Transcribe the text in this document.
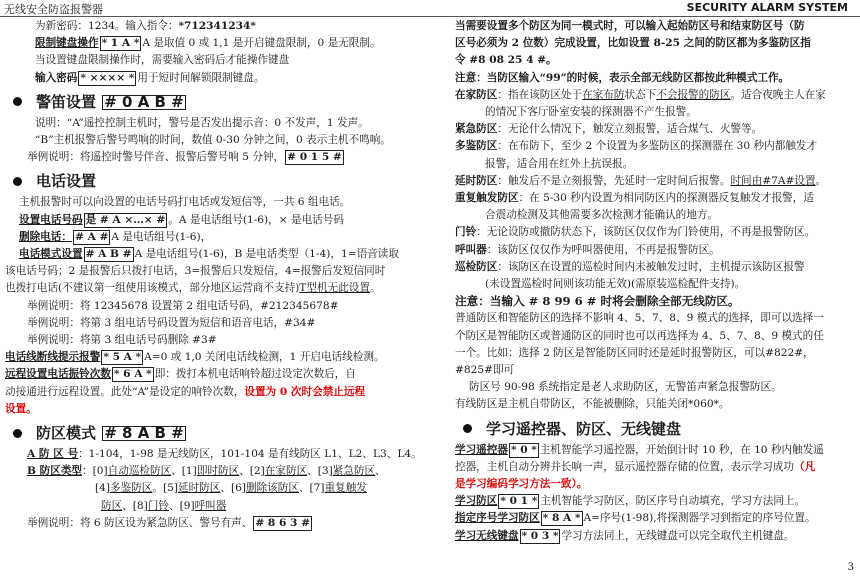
无线安全防盗报警器	SECURITY ALARM SYSTEM
为新密码：1234。输入指令：*712341234*
限制键盘操作 * 1 A * A 是取值 0 或 1,1 是开启键盘限制，0 是无限制。
当设置键盘限制操作时，需要输入密码后才能操作键盘
输入密码 * ×××× * 用于短时间解锁限制键盘。
警笛设置 # 0 A B #
说明：“A”遥控控制主机时，警号是否发出提示音：0 不发声，1 发声。
“B”主机报警后警号鸣响的时间，数值 0-30 分钟之间，0 表示主机不鸣响。
举例说明：将遥控时警号伴音、报警后警号响 5 分钟， # 0 1 5 #
电话设置
主机报警时可以向设置的电话号码打电话或发短信等，一共 6 组电话。
设置电话号码 是 # A ×…× # 。A 是电话组号(1-6)，× 是电话号码
删除电话： # A # A 是电话组号(1-6)，
电话模式设置 # A B # A 是电话组号(1-6)，B 是电话类型（1-4)，1=语音读取
该电话号码；2 是报警后只拨打电话，3=报警后只发短信，4=报警后发短信同时
也拨打电话(不建议第一组使用该模式，部分地区运营商不支持)T型机无此设置。
举例说明：将 12345678 设置第 2 组电话号码，#212345678#
举例说明：将第 3 组电话号码设置为短信和语音电话，#34#
举例说明：将第 3 组电话号码删除 #3#
电话线断线提示报警 * 5 A * A=0 或 1,0 关闭电话线检测，1 开启电话线检测。
远程设置电话振铃次数 * 6 A * 即：拨打本机电话响铃超过设定次数后，自
动接通进行远程设置。此处“A”是设定的响铃次数，设置为 0 次时会禁止远程
设置。
防区模式 # 8 A B #
A 防 区 号：1-104，1-98 是无线防区，101-104 是有线防区 L1、L2、L3、L4。
B 防区类型：[0]自动巡检防区、[1]即时防区、[2]在家防区、[3]紧急防区、
[4]多鉴防区。[5]延时防区、[6]删除该防区、[7]重复触发
防区、[8]门铃、[9]呼叫器
举例说明：将 6 防区设为紧急防区、警号有声、 # 8 6 3 #
当需要设置多个防区为同一模式时，可以输入起始防区号和结束防区号（防
区号必须为 2 位数）完成设置，比如设置 8-25 之间的防区都为多鉴防区指
令 #8 08 25 4 #。
注意：当防区输入“99”的时候，表示全部无线防区都按此种模式工作。
在家防区：指在该防区处于在家布防状态下不会报警的防区。适合夜晚主人在家
的情况下客厅卧室安装的探测器不产生报警。
紧急防区：无论什么情况下，触发立刻报警，适合煤气、火警等。
多鉴防区：在布防下，至少 2 个设置为多鉴防区的探测器在 30 秒内都触发才
报警，适合用在红外上抗误报。
延时防区：触发后不是立刻报警，先延时一定时间后报警。时间由#7A#设置。
重复触发防区：在 5-30 秒内设置为相同防区内的探测器反复触发才报警，适
合震动检测及其他需要多次检测才能确认的地方。
门铃：无论设防或撤防状态下，该防区仅仅作为门铃使用，不再是报警防区。
呼叫器：该防区仅仅作为呼叫器使用，不再是报警防区。
巡检防区：该防区在设置的巡检时间内未被触发过时，主机提示该防区报警
(未设置巡检时间则该功能无效)(需原装巡检配件支持)。
注意：当输入 # 8 99 6 # 时将会删除全部无线防区。
普通防区和智能防区的选择不影响 4、5、7、8、9 模式的选择，即可以选择一
个防区是智能防区或普通防区的同时也可以再选择为 4、5、7、8、9 模式的任
一个。比如：选择 2 防区是智能防区同时还是延时报警防区，可以#822#，
#825#即可
防区号 90-98 系统指定是老人求助防区，无警笛声紧急报警防区。
有线防区是主机自带防区，不能被删除，只能关闭*060*。
学习遥控器、防区、无线键盘
学习遥控器 * 0 * 主机智能学习遥控器，开始倒计时 10 秒，在 10 秒内触发遥
控器，主机自动分辨并长响一声，显示遥控器存储的位置，表示学习成功（凡
是学习编码学习方法一致）。
学习防区 * 0 1 * 主机智能学习防区，防区序号自动填充，学习方法同上。
指定序号学习防区 * 8 A * A=序号(1-98),将探测器学习到指定的序号位置。
学习无线键盘 * 0 3 * 学习方法同上，无线键盘可以完全取代主机键盘。
3
